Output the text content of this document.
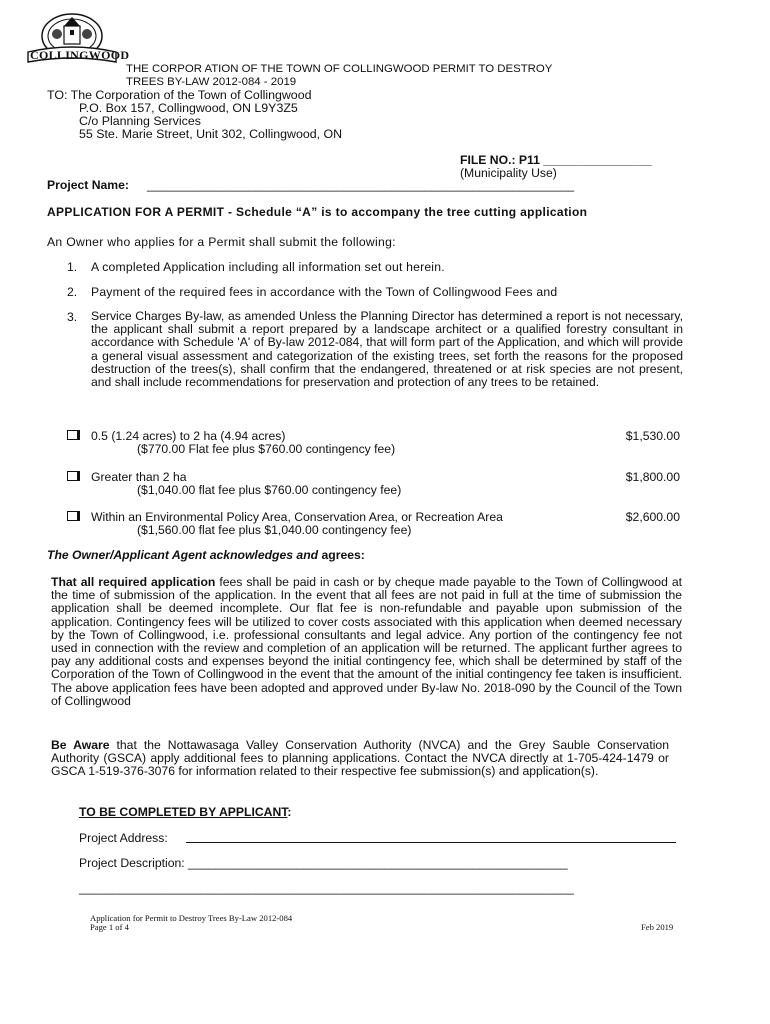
COLLINGWOOD
THE CORPOR ATION OF THE TOWN OF COLLINGWOOD PERMIT TO DESTROY
TREES BY-LAW 2012-084 - 2019
TO: The Corporation of the Town of Collingwood
P.O. Box 157, Collingwood, ON L9Y3Z5
C/o Planning Services
55 Ste. Marie Street, Unit 302, Collingwood, ON
FILE NO.: P11 ________________
(Municipality Use)
Project Name: _______________________________________________________________
APPLICATION FOR A PERMIT - Schedule “A” is to accompany the tree cutting application
An Owner who applies for a Permit shall submit the following:
1. A completed Application including all information set out herein.
2. Payment of the required fees in accordance with the Town of Collingwood Fees and
3. Service Charges By-law, as amended Unless the Planning Director has determined a report is not necessary, the applicant shall submit a report prepared by a landscape architect or a qualified forestry consultant in accordance with Schedule 'A' of By-law 2012-084, that will form part of the Application, and which will provide a general visual assessment and categorization of the existing trees, set forth the reasons for the proposed destruction of the trees(s), shall confirm that the endangered, threatened or at risk species are not present, and shall include recommendations for preservation and protection of any trees to be retained.
0.5 (1.24 acres) to 2 ha (4.94 acres)
($770.00 Flat fee plus $760.00 contingency fee)
$1,530.00
Greater than 2 ha
($1,040.00 flat fee plus $760.00 contingency fee)
$1,800.00
Within an Environmental Policy Area, Conservation Area, or Recreation Area
($1,560.00 flat fee plus $1,040.00 contingency fee)
$2,600.00
The Owner/Applicant Agent acknowledges and agrees:
That all required application fees shall be paid in cash or by cheque made payable to the Town of Collingwood at the time of submission of the application. In the event that all fees are not paid in full at the time of submission the application shall be deemed incomplete. Our flat fee is non-refundable and payable upon submission of the application. Contingency fees will be utilized to cover costs associated with this application when deemed necessary by the Town of Collingwood, i.e. professional consultants and legal advice. Any portion of the contingency fee not used in connection with the review and completion of an application will be returned. The applicant further agrees to pay any additional costs and expenses beyond the initial contingency fee, which shall be determined by staff of the Corporation of the Town of Collingwood in the event that the amount of the initial contingency fee taken is insufficient. The above application fees have been adopted and approved under By-law No. 2018-090 by the Council of the Town of Collingwood
Be Aware that the Nottawasaga Valley Conservation Authority (NVCA) and the Grey Sauble Conservation Authority (GSCA) apply additional fees to planning applications. Contact the NVCA directly at 1-705-424-1479 or GSCA 1-519-376-3076 for information related to their respective fee submission(s) and application(s).
TO BE COMPLETED BY APPLICANT:
Project Address:
Project Description: ________________________________________________________
_________________________________________________________________________
Application for Permit to Destroy Trees By-Law 2012-084
Page 1 of 4	Feb 2019
